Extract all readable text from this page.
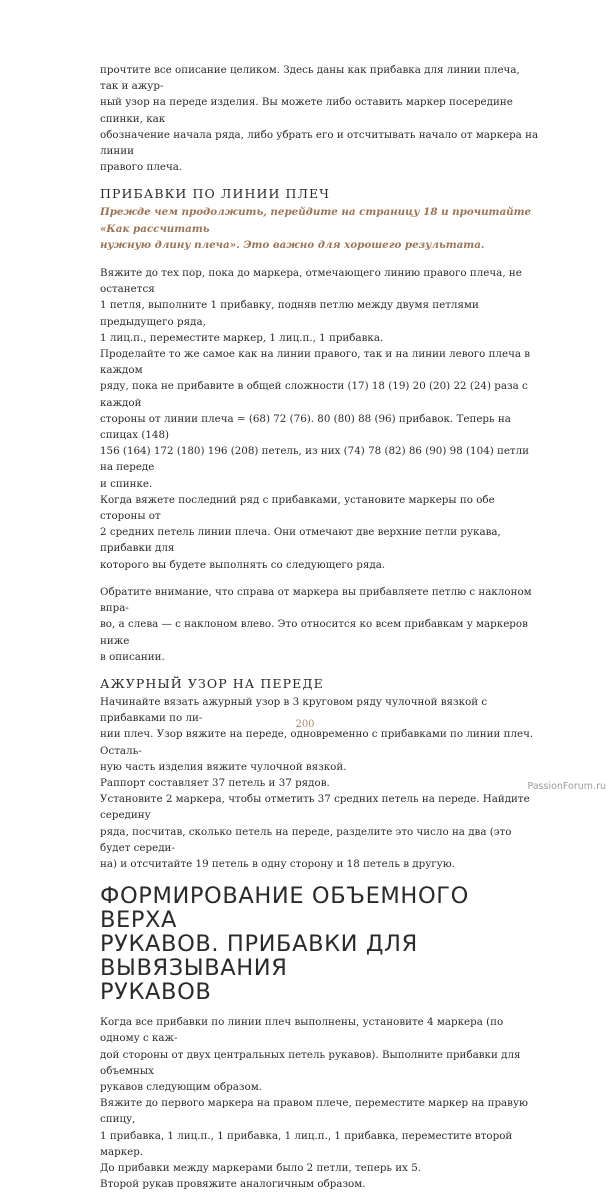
прочтите все описание целиком. Здесь даны как прибавка для линии плеча, так и ажур-

ный узор на переде изделия. Вы можете либо оставить маркер посередине спинки, как

обозначение начала ряда, либо убрать его и отсчитывать начало от маркера на линии

правого плеча.

ПРИБАВКИ ПО ЛИНИИ ПЛЕЧ
Прежде чем продолжить, перейдите на страницу 18 и прочитайте «Как рассчитать
нужную длину плеча». Это важно для хорошего результата.

Вяжите до тех пор, пока до маркера, отмечающего линию правого плеча, не останется

1 петля, выполните 1 прибавку, подняв петлю между двумя петлями предыдущего ряда,

1 лиц.п., переместите маркер, 1 лиц.п., 1 прибавка.

Проделайте то же самое как на линии правого, так и на линии левого плеча в каждом

ряду, пока не прибавите в общей сложности (17) 18 (19) 20 (20) 22 (24) раза с каждой

стороны от линии плеча = (68) 72 (76). 80 (80) 88 (96) прибавок. Теперь на спицах (148)

156 (164) 172 (180) 196 (208) петель, из них (74) 78 (82) 86 (90) 98 (104) петли на переде

и спинке.

Когда вяжете последний ряд с прибавками, установите маркеры по обе стороны от

2 средних петель линии плеча. Они отмечают две верхние петли рукава, прибавки для

которого вы будете выполнять со следующего ряда.

Обратите внимание, что справа от маркера вы прибавляете петлю с наклоном впра-

во, а слева — с наклоном влево. Это относится ко всем прибавкам у маркеров ниже

в описании.

АЖУРНЫЙ УЗОР НА ПЕРЕДЕ

Начинайте вязать ажурный узор в 3 круговом ряду чулочной вязкой с прибавками по ли-

нии плеч. Узор вяжите на переде, одновременно с прибавками по линии плеч. Осталь-

ную часть изделия вяжите чулочной вязкой.

Раппорт составляет 37 петель и 37 рядов.

Установите 2 маркера, чтобы отметить 37 средних петель на переде. Найдите середину

ряда, посчитав, сколько петель на переде, разделите это число на два (это будет середи-

на) и отсчитайте 19 петель в одну сторону и 18 петель в другую.

ФОРМИРОВАНИЕ ОБЪЕМНОГО ВЕРХА
РУКАВОВ. ПРИБАВКИ ДЛЯ ВЫВЯЗЫВАНИЯ
РУКАВОВ

Когда все прибавки по линии плеч выполнены, установите 4 маркера (по одному с каж-

дой стороны от двух центральных петель рукавов). Выполните прибавки для объемных

рукавов следующим образом.

Вяжите до первого маркера на правом плече, переместите маркер на правую спицу,

1 прибавка, 1 лиц.п., 1 прибавка, 1 лиц.п., 1 прибавка, переместите второй маркер.

До прибавки между маркерами было 2 петли, теперь их 5.

Второй рукав провяжите аналогичным образом.

200
PassionForum.ru
